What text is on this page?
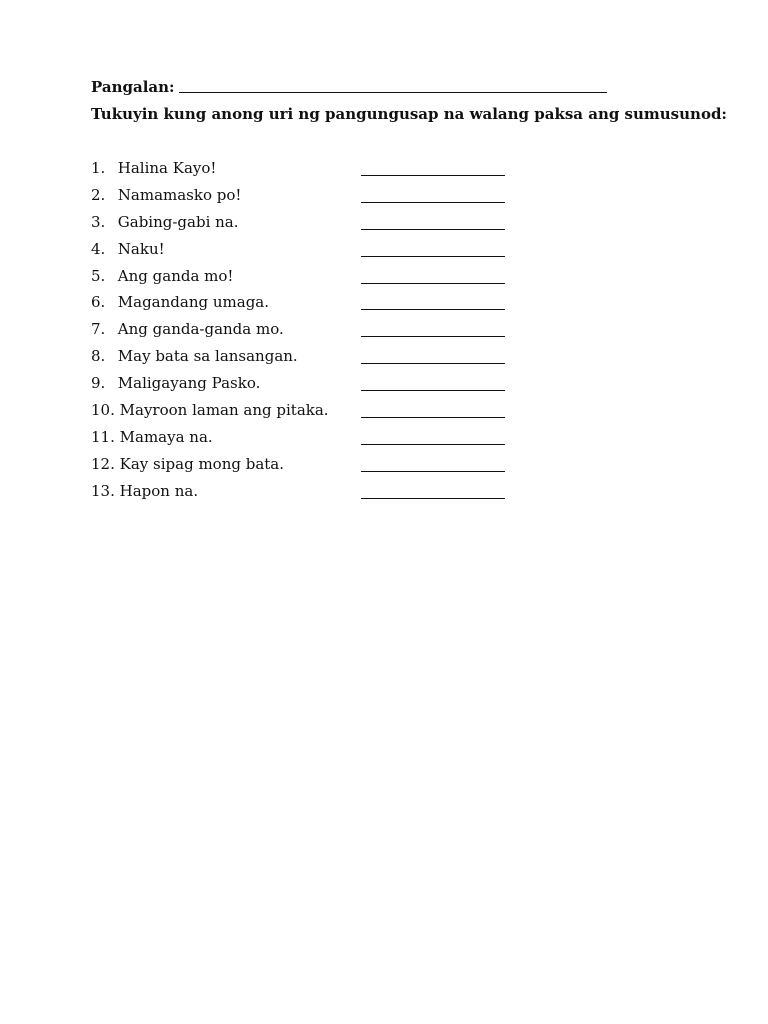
Pangalan:
Tukuyin kung anong uri ng pangungusap na walang paksa ang sumusunod:
1. Halina Kayo!
2. Namamasko po!
3. Gabing-gabi na.
4. Naku!
5. Ang ganda mo!
6. Magandang umaga.
7. Ang ganda-ganda mo.
8. May bata sa lansangan.
9. Maligayang Pasko.
10. Mayroon laman ang pitaka.
11. Mamaya na.
12. Kay sipag mong bata.
13. Hapon na.
